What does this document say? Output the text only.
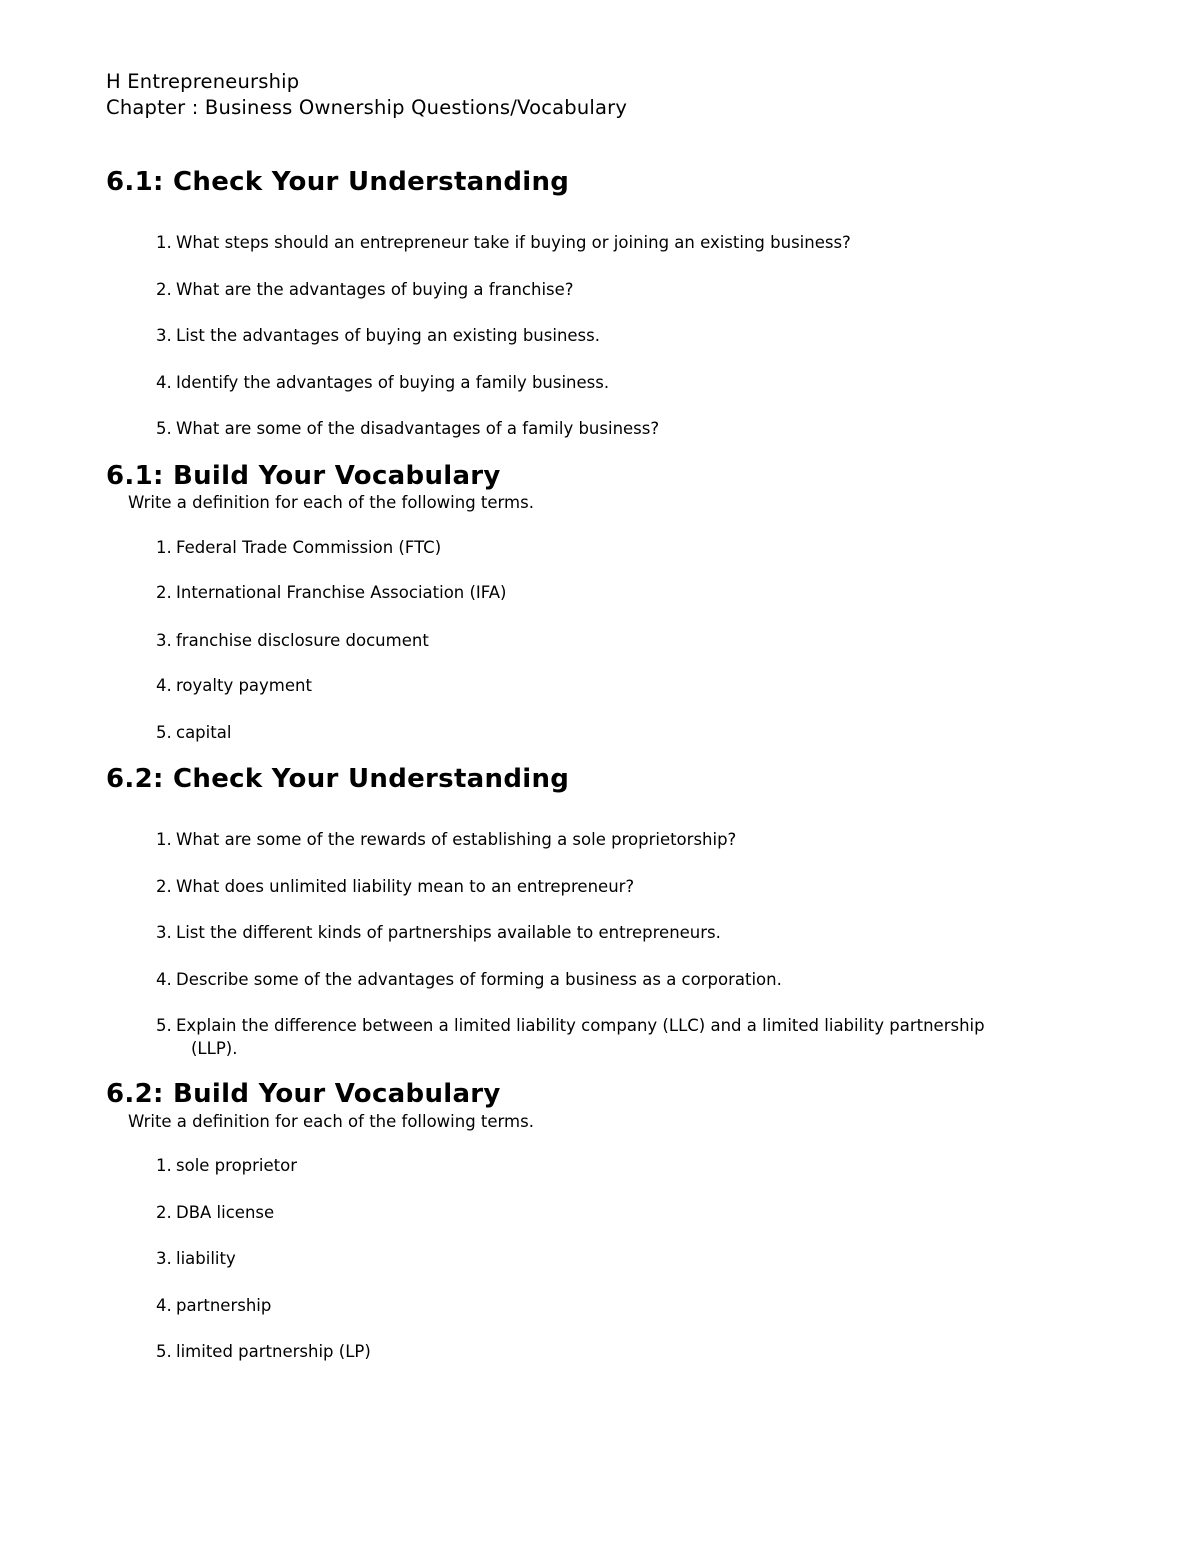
H Entrepreneurship
Chapter : Business Ownership Questions/Vocabulary
6.1: Check Your Understanding
1. What steps should an entrepreneur take if buying or joining an existing business?
2. What are the advantages of buying a franchise?
3. List the advantages of buying an existing business.
4. Identify the advantages of buying a family business.
5. What are some of the disadvantages of a family business?
6.1: Build Your Vocabulary
Write a definition for each of the following terms.
1. Federal Trade Commission (FTC)
2. International Franchise Association (IFA)
3. franchise disclosure document
4. royalty payment
5. capital
6.2: Check Your Understanding
1. What are some of the rewards of establishing a sole proprietorship?
2. What does unlimited liability mean to an entrepreneur?
3. List the different kinds of partnerships available to entrepreneurs.
4. Describe some of the advantages of forming a business as a corporation.
5. Explain the difference between a limited liability company (LLC) and a limited liability partnership
(LLP).
6.2: Build Your Vocabulary
Write a definition for each of the following terms.
1. sole proprietor
2. DBA license
3. liability
4. partnership
5. limited partnership (LP)
